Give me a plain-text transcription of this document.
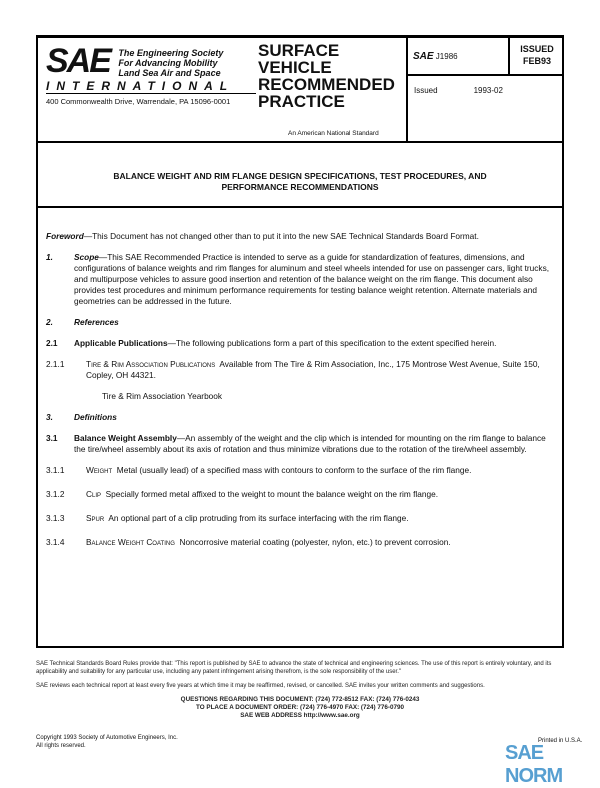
SAE The Engineering Society
For Advancing Mobility
Land Sea Air and Space
INTERNATIONAL
400 Commonwealth Drive, Warrendale, PA 15096-0001
SURFACE
VEHICLE
RECOMMENDED
PRACTICE
An American National Standard
SAE J1986
ISSUED
FEB93
Issued	1993-02
BALANCE WEIGHT AND RIM FLANGE DESIGN SPECIFICATIONS, TEST PROCEDURES, AND
PERFORMANCE RECOMMENDATIONS
Foreword—This Document has not changed other than to put it into the new SAE Technical Standards Board Format.
1.	Scope—This SAE Recommended Practice is intended to serve as a guide for standardization of features, dimensions, and configurations of balance weights and rim flanges for aluminum and steel wheels intended for use on passenger cars, light trucks, and multipurpose vehicles to assure good insertion and retention of the balance weight on the rim flange. This document also provides test procedures and minimum performance requirements for testing balance weight retention. Alternate materials and geometries can be addressed in the future.
2.	References
2.1 Applicable Publications—The following publications form a part of this specification to the extent specified herein.
2.1.1	Tire & Rim Association Publications Available from The Tire & Rim Association, Inc., 175 Montrose West Avenue, Suite 150, Copley, OH 44321.
Tire & Rim Association Yearbook
3.	Definitions
3.1 Balance Weight Assembly—An assembly of the weight and the clip which is intended for mounting on the rim flange to balance the tire/wheel assembly about its axis of rotation and thus minimize vibrations due to the rotation of the tire/wheel assembly.
3.1.1	Weight Metal (usually lead) of a specified mass with contours to conform to the surface of the rim flange.
3.1.2	Clip Specially formed metal affixed to the weight to mount the balance weight on the rim flange.
3.1.3	Spur An optional part of a clip protruding from its surface interfacing with the rim flange.
3.1.4	Balance Weight Coating Noncorrosive material coating (polyester, nylon, etc.) to prevent corrosion.
SAE Technical Standards Board Rules provide that: "This report is published by SAE to advance the state of technical and engineering sciences. The use of this report is entirely voluntary, and its applicability and suitability for any particular use, including any patent infringement arising therefrom, is the sole responsibility of the user."
SAE reviews each technical report at least every five years at which time it may be reaffirmed, revised, or cancelled. SAE invites your written comments and suggestions.
QUESTIONS REGARDING THIS DOCUMENT: (724) 772-8512 FAX: (724) 776-0243
TO PLACE A DOCUMENT ORDER: (724) 776-4970 FAX: (724) 776-0790
SAE WEB ADDRESS http://www.sae.org
Copyright 1993 Society of Automotive Engineers, Inc.
All rights reserved.
Printed in U.S.A.
SAE NORM
